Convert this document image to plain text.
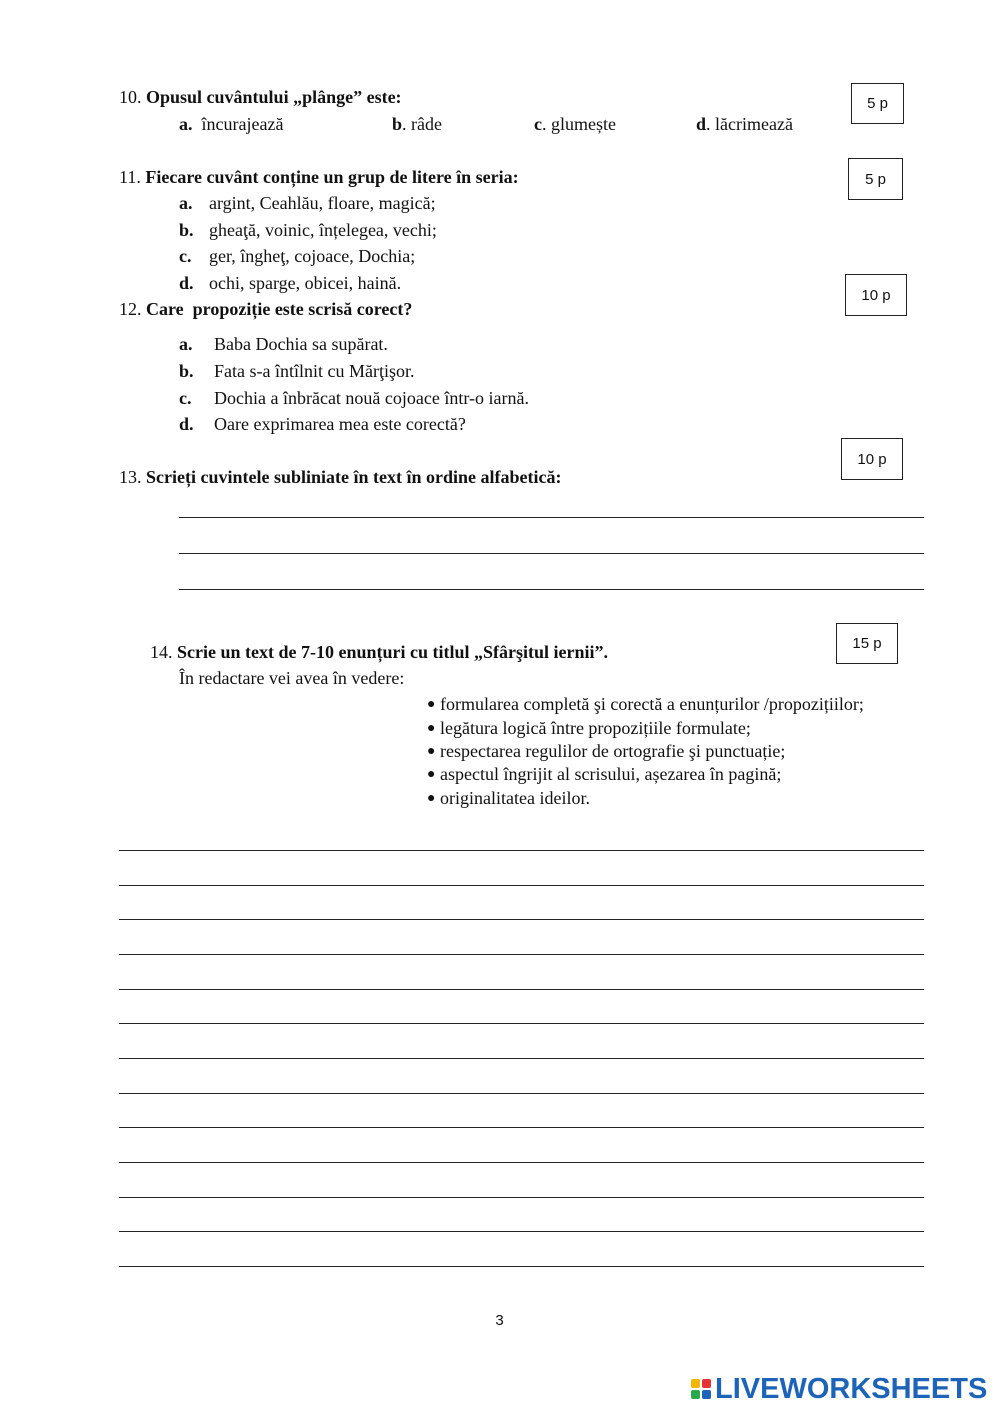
10. Opusul cuvântului „plânge” este:	5 p
a. încurajează	b. râde	c. glumește	d. lăcrimează
11. Fiecare cuvânt conține un grup de litere în seria:	5 p
a. argint, Ceahlău, floare, magică;
b. gheaţă, voinic, înțelegea, vechi;
c. ger, îngheţ, cojoace, Dochia;
d. ochi, sparge, obicei, haină.
10 p
12. Care  propoziție este scrisă corect?
a. Baba Dochia sa supărat.
b. Fata s-a întîlnit cu Mărţişor.
c. Dochia a înbrăcat nouă cojoace într-o iarnă.
d. Oare exprimarea mea este corectă?
10 p
13. Scrieți cuvintele subliniate în text în ordine alfabetică:
15 p
14. Scrie un text de 7-10 enunțuri cu titlul „Sfârşitul iernii”.
În redactare vei avea în vedere:
● formularea completă şi corectă a enunțurilor /propozițiilor;
● legătura logică între propozițiile formulate;
● respectarea regulilor de ortografie şi punctuație;
● aspectul îngrijit al scrisului, așezarea în pagină;
● originalitatea ideilor.
3
LIVEWORKSHEETS
